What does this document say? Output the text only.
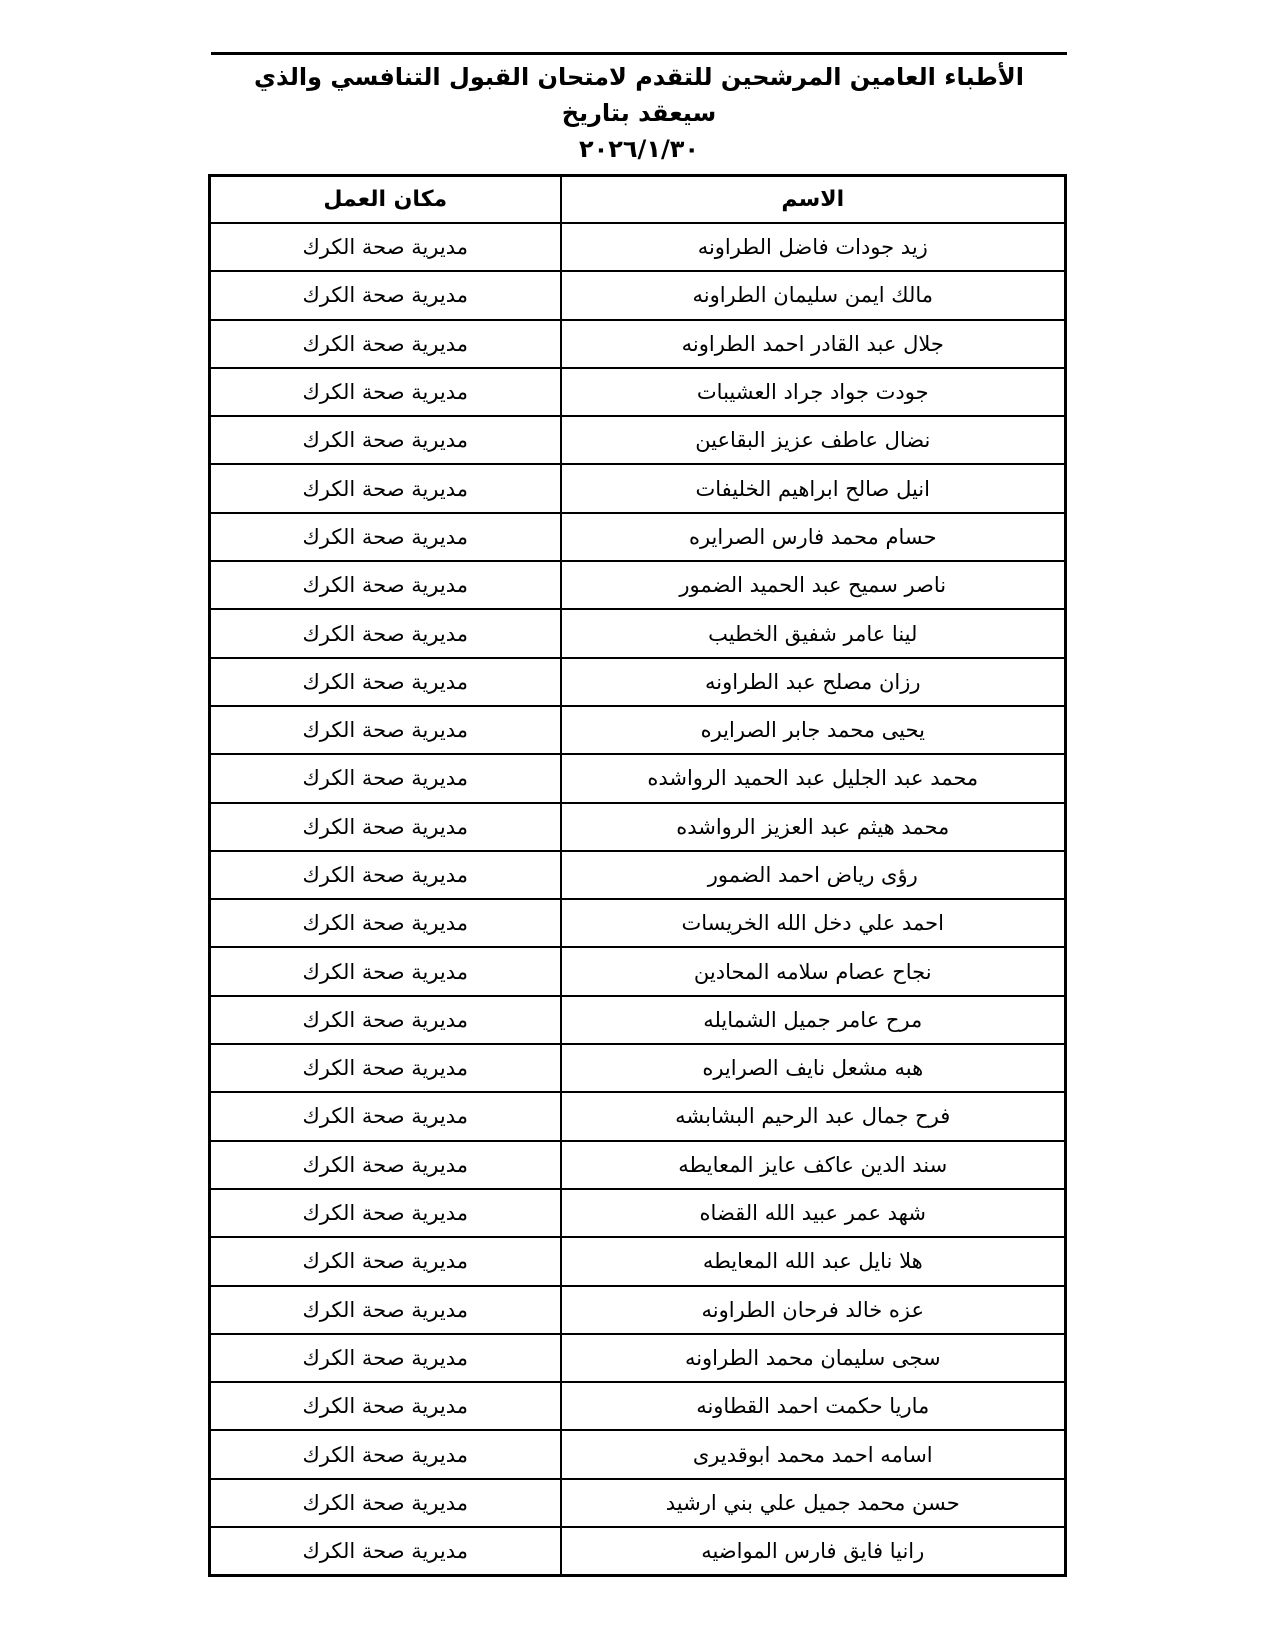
الأطباء العامين المرشحين للتقدم لامتحان القبول التنافسي والذي سيعقد بتاريخ
٢٠٢٦/١/٣٠
الاسم	مكان العمل
زيد جودات فاضل الطراونه	مديرية صحة الكرك
مالك ايمن سليمان الطراونه	مديرية صحة الكرك
جلال عبد القادر احمد الطراونه	مديرية صحة الكرك
جودت جواد جراد العشيبات	مديرية صحة الكرك
نضال عاطف عزيز البقاعين	مديرية صحة الكرك
انيل صالح ابراهيم الخليفات	مديرية صحة الكرك
حسام محمد فارس الصرايره	مديرية صحة الكرك
ناصر سميح عبد الحميد الضمور	مديرية صحة الكرك
لينا عامر شفيق الخطيب	مديرية صحة الكرك
رزان مصلح عبد الطراونه	مديرية صحة الكرك
يحيى محمد جابر الصرايره	مديرية صحة الكرك
محمد عبد الجليل عبد الحميد الرواشده	مديرية صحة الكرك
محمد هيثم عبد العزيز الرواشده	مديرية صحة الكرك
رؤى رياض احمد الضمور	مديرية صحة الكرك
احمد علي دخل الله الخريسات	مديرية صحة الكرك
نجاح عصام سلامه المحادين	مديرية صحة الكرك
مرح عامر جميل الشمايله	مديرية صحة الكرك
هبه مشعل نايف الصرايره	مديرية صحة الكرك
فرح جمال عبد الرحيم البشابشه	مديرية صحة الكرك
سند الدين عاكف عايز المعايطه	مديرية صحة الكرك
شهد عمر عبيد الله القضاه	مديرية صحة الكرك
هلا نايل عبد الله المعايطه	مديرية صحة الكرك
عزه خالد فرحان الطراونه	مديرية صحة الكرك
سجى سليمان محمد الطراونه	مديرية صحة الكرك
ماريا حكمت احمد القطاونه	مديرية صحة الكرك
اسامه احمد محمد ابوقديرى	مديرية صحة الكرك
حسن محمد جميل علي بني ارشيد	مديرية صحة الكرك
رانيا فايق فارس المواضيه	مديرية صحة الكرك
